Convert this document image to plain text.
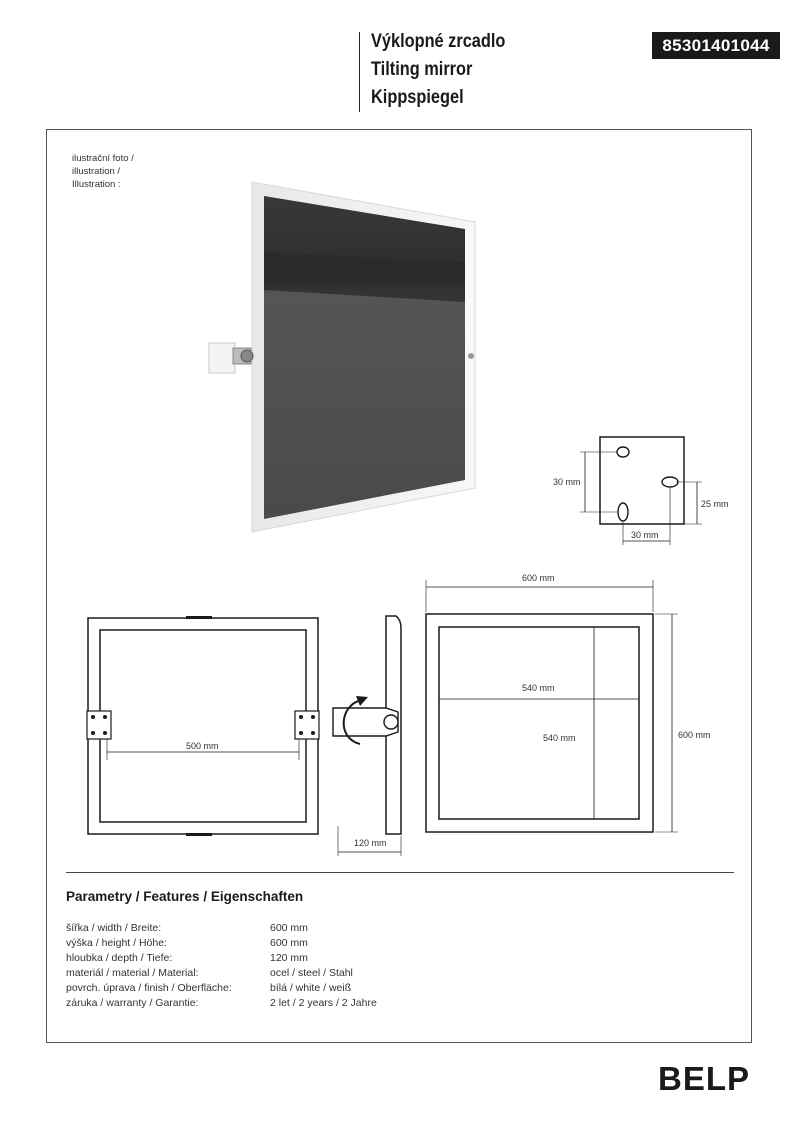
Výklopné zrcadlo
Tilting mirror
Kippspiegel
85301401044
ilustrační foto /
illustration /
Illustration :
30 mm
25 mm
30 mm
500 mm
120 mm
600 mm
540 mm
540 mm	600 mm
Parametry / Features / Eigenschaften
šířka / width / Breite:	600 mm
výška / height / Höhe:	600 mm
hloubka / depth / Tiefe:	120 mm
materiál / material / Material:	ocel / steel / Stahl
povrch. úprava / finish / Oberfläche:	bílá / white / weiß
záruka / warranty / Garantie:	2 let / 2 years / 2 Jahre
BELP
